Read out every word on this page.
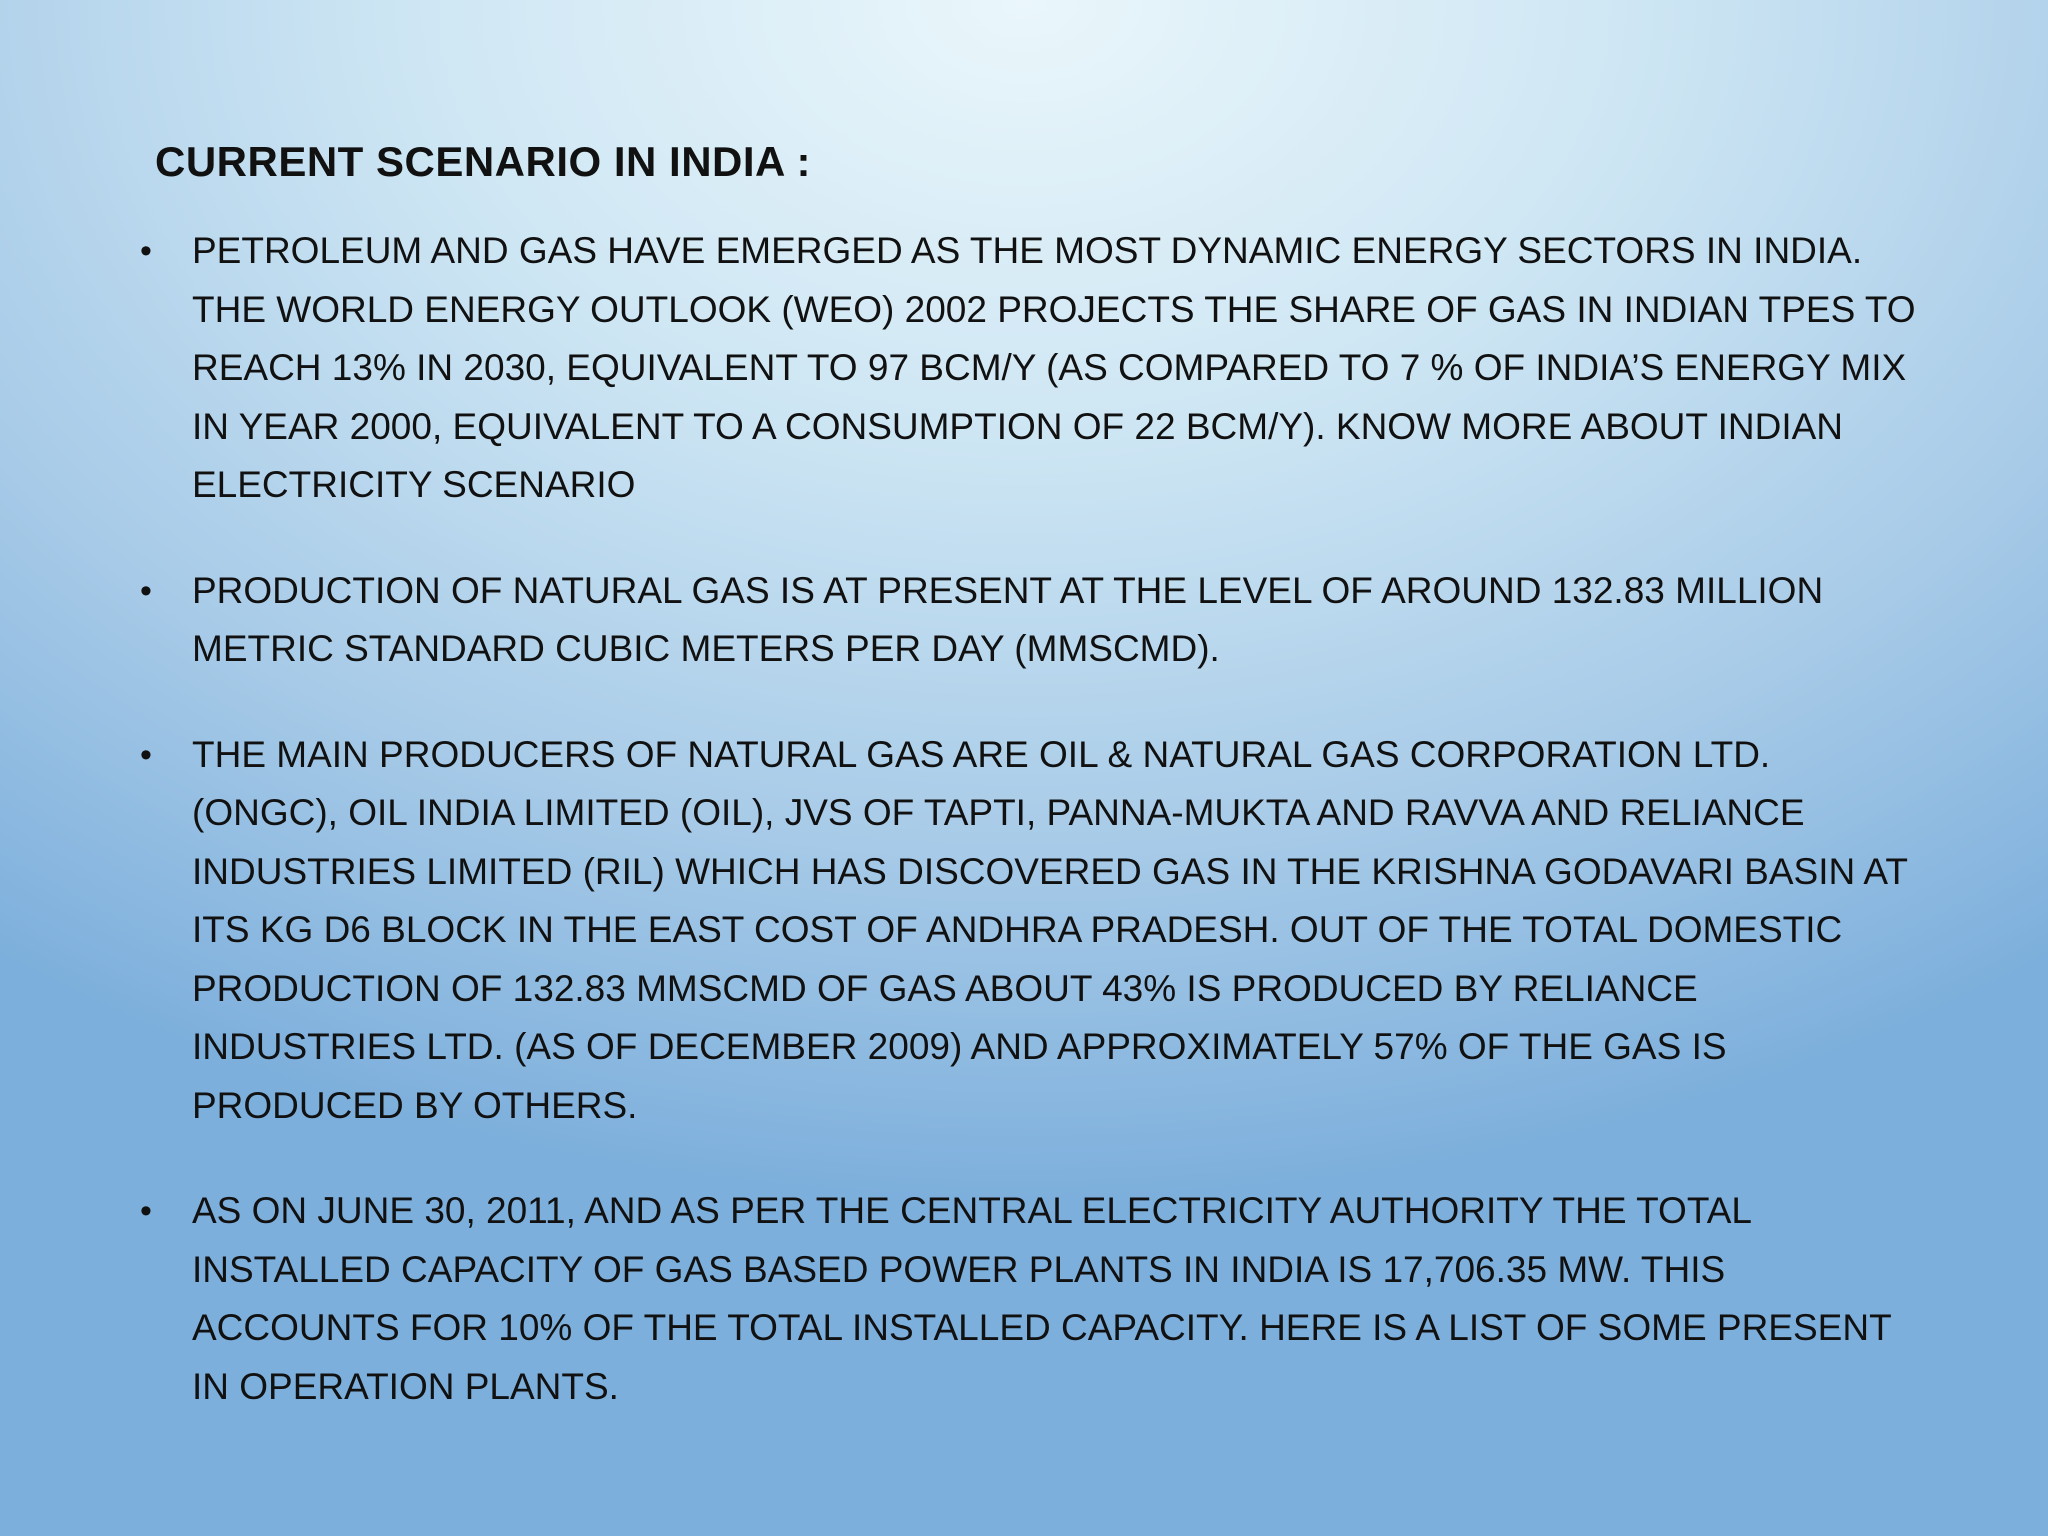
CURRENT SCENARIO IN INDIA :
• PETROLEUM AND GAS HAVE EMERGED AS THE MOST DYNAMIC ENERGY SECTORS IN INDIA. THE WORLD ENERGY OUTLOOK (WEO) 2002 PROJECTS THE SHARE OF GAS IN INDIAN TPES TO REACH 13% IN 2030, EQUIVALENT TO 97 BCM/Y (AS COMPARED TO 7 % OF INDIA’S ENERGY MIX IN YEAR 2000, EQUIVALENT TO A CONSUMPTION OF 22 BCM/Y). KNOW MORE ABOUT INDIAN ELECTRICITY SCENARIO
• PRODUCTION OF NATURAL GAS IS AT PRESENT AT THE LEVEL OF AROUND 132.83 MILLION METRIC STANDARD CUBIC METERS PER DAY (MMSCMD).
• THE MAIN PRODUCERS OF NATURAL GAS ARE OIL & NATURAL GAS CORPORATION LTD. (ONGC), OIL INDIA LIMITED (OIL), JVS OF TAPTI, PANNA-MUKTA AND RAVVA AND RELIANCE INDUSTRIES LIMITED (RIL) WHICH HAS DISCOVERED GAS IN THE KRISHNA GODAVARI BASIN AT ITS KG D6 BLOCK IN THE EAST COST OF ANDHRA PRADESH. OUT OF THE TOTAL DOMESTIC PRODUCTION OF 132.83 MMSCMD OF GAS ABOUT 43% IS PRODUCED BY RELIANCE INDUSTRIES LTD. (AS OF DECEMBER 2009) AND APPROXIMATELY 57% OF THE GAS IS PRODUCED BY OTHERS.
• AS ON JUNE 30, 2011, AND AS PER THE CENTRAL ELECTRICITY AUTHORITY THE TOTAL INSTALLED CAPACITY OF GAS BASED POWER PLANTS IN INDIA IS 17,706.35 MW. THIS ACCOUNTS FOR 10% OF THE TOTAL INSTALLED CAPACITY. HERE IS A LIST OF SOME PRESENT IN OPERATION PLANTS.
